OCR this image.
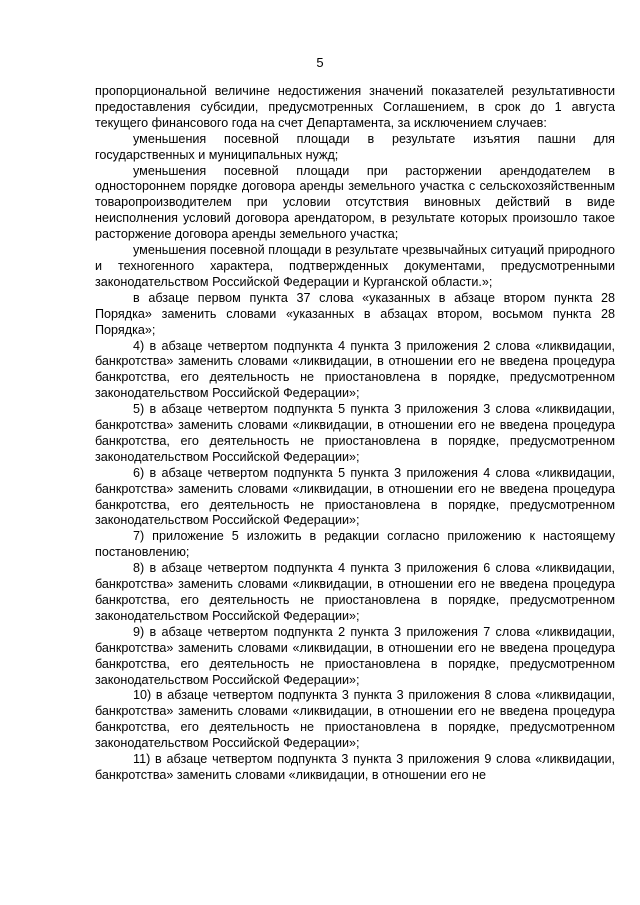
5

пропорциональной величине недостижения значений показателей результативности предоставления субсидии, предусмотренных Соглашением, в срок до 1 августа текущего финансового года на счет Департамента, за исключением случаев:

уменьшения посевной площади в результате изъятия пашни для государственных и муниципальных нужд;

уменьшения посевной площади при расторжении арендодателем в одностороннем порядке договора аренды земельного участка с сельскохозяйственным товаропроизводителем при условии отсутствия виновных действий в виде неисполнения условий договора арендатором, в результате которых произошло такое расторжение договора аренды земельного участка;

уменьшения посевной площади в результате чрезвычайных ситуаций природного и техногенного характера, подтвержденных документами, предусмотренными законодательством Российской Федерации и Курганской области.»;

в абзаце первом пункта 37 слова «указанных в абзаце втором пункта 28 Порядка» заменить словами «указанных в абзацах втором, восьмом пункта 28 Порядка»;

4) в абзаце четвертом подпункта 4 пункта 3 приложения 2 слова «ликвидации, банкротства» заменить словами «ликвидации, в отношении его не введена процедура банкротства, его деятельность не приостановлена в порядке, предусмотренном законодательством Российской Федерации»;

5) в абзаце четвертом подпункта 5 пункта 3 приложения 3 слова «ликвидации, банкротства» заменить словами «ликвидации, в отношении его не введена процедура банкротства, его деятельность не приостановлена в порядке, предусмотренном законодательством Российской Федерации»;

6) в абзаце четвертом подпункта 5 пункта 3 приложения 4 слова «ликвидации, банкротства» заменить словами «ликвидации, в отношении его не введена процедура банкротства, его деятельность не приостановлена в порядке, предусмотренном законодательством Российской Федерации»;

7) приложение 5 изложить в редакции согласно приложению к настоящему постановлению;

8) в абзаце четвертом подпункта 4 пункта 3 приложения 6 слова «ликвидации, банкротства» заменить словами «ликвидации, в отношении его не введена процедура банкротства, его деятельность не приостановлена в порядке, предусмотренном законодательством Российской Федерации»;

9) в абзаце четвертом подпункта 2 пункта 3 приложения 7 слова «ликвидации, банкротства» заменить словами «ликвидации, в отношении его не введена процедура банкротства, его деятельность не приостановлена в порядке, предусмотренном законодательством Российской Федерации»;

10) в абзаце четвертом подпункта 3 пункта 3 приложения 8 слова «ликвидации, банкротства» заменить словами «ликвидации, в отношении его не введена процедура банкротства, его деятельность не приостановлена в порядке, предусмотренном законодательством Российской Федерации»;

11) в абзаце четвертом подпункта 3 пункта 3 приложения 9 слова «ликвидации, банкротства» заменить словами «ликвидации, в отношении его не
